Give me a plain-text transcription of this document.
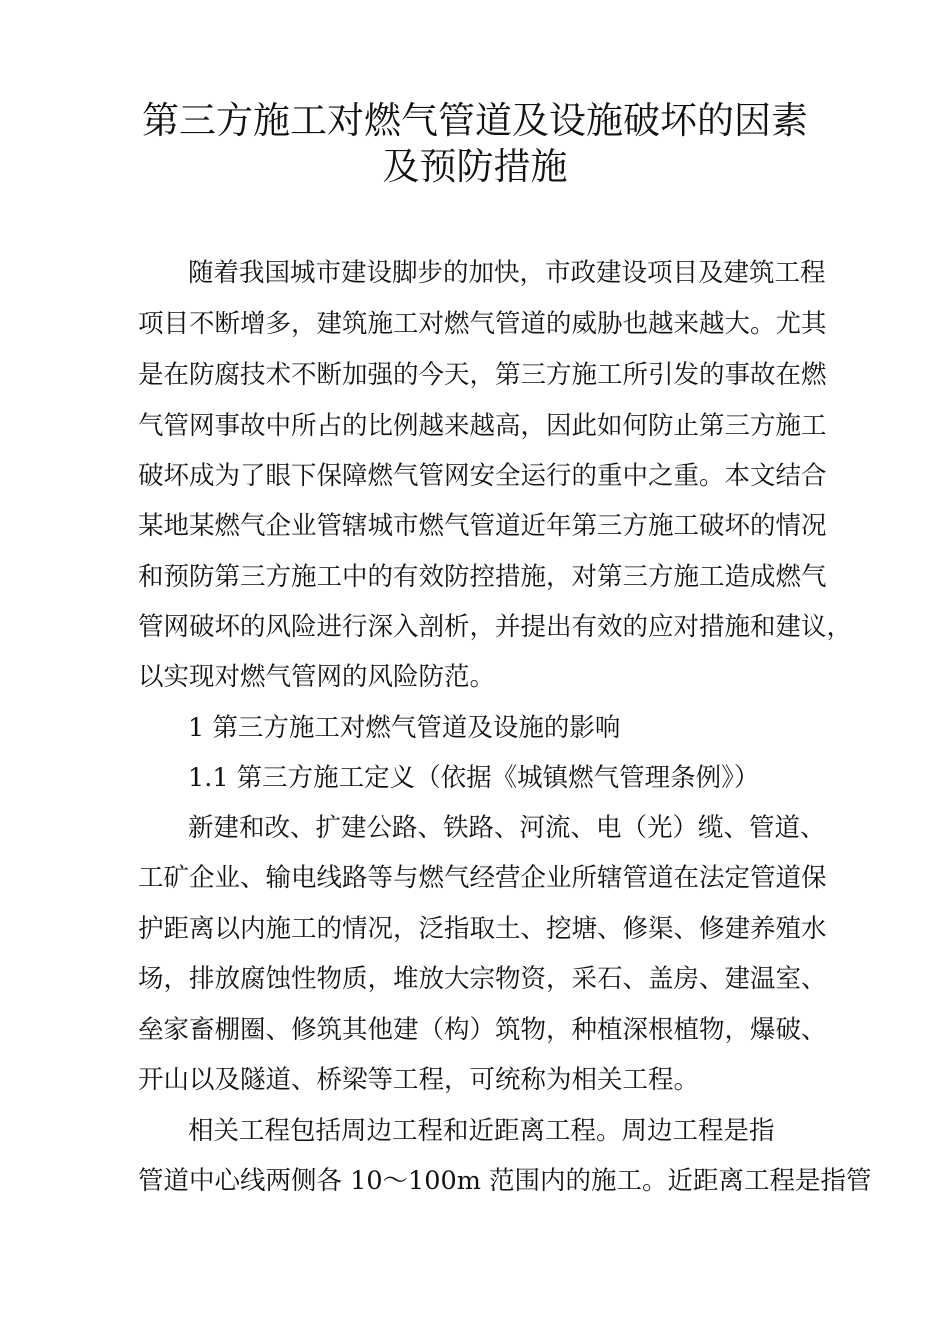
第三方施工对燃气管道及设施破坏的因素
及预防措施
随着我国城市建设脚步的加快，市政建设项目及建筑工程
项目不断增多，建筑施工对燃气管道的威胁也越来越大。尤其
是在防腐技术不断加强的今天，第三方施工所引发的事故在燃
气管网事故中所占的比例越来越高，因此如何防止第三方施工
破坏成为了眼下保障燃气管网安全运行的重中之重。本文结合
某地某燃气企业管辖城市燃气管道近年第三方施工破坏的情况
和预防第三方施工中的有效防控措施，对第三方施工造成燃气
管网破坏的风险进行深入剖析，并提出有效的应对措施和建议，
以实现对燃气管网的风险防范。
1 第三方施工对燃气管道及设施的影响
1.1 第三方施工定义（依据《城镇燃气管理条例》）
新建和改、扩建公路、铁路、河流、电（光）缆、管道、
工矿企业、输电线路等与燃气经营企业所辖管道在法定管道保
护距离以内施工的情况，泛指取土、挖塘、修渠、修建养殖水
场，排放腐蚀性物质，堆放大宗物资，采石、盖房、建温室、
垒家畜棚圈、修筑其他建（构）筑物，种植深根植物，爆破、
开山以及隧道、桥梁等工程，可统称为相关工程。
相关工程包括周边工程和近距离工程。周边工程是指
管道中心线两侧各 10～100m 范围内的施工。近距离工程是指管
